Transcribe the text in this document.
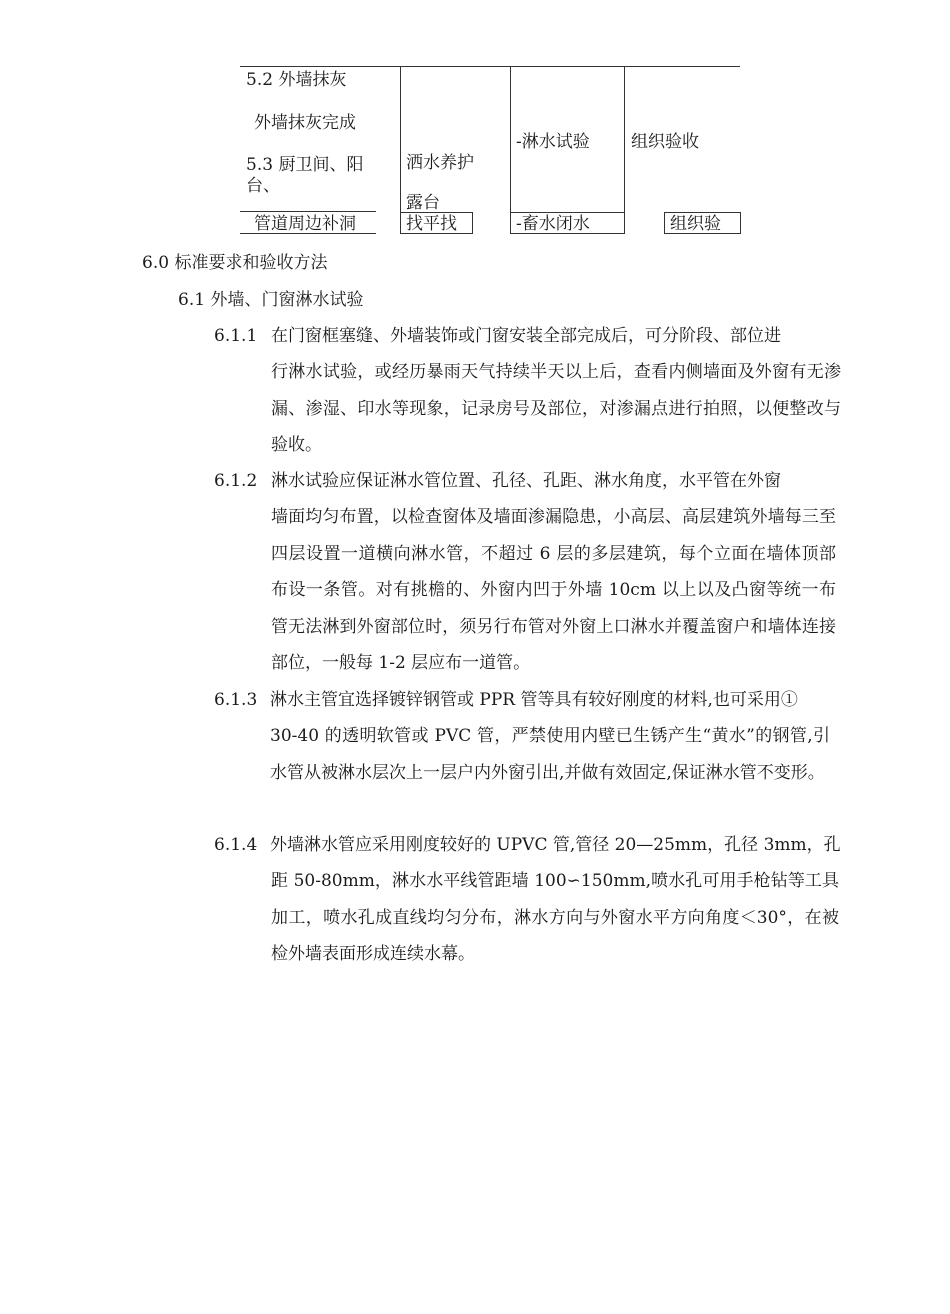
5.2 外墙抹灰
外墙抹灰完成
5.3 厨卫间、阳
台、
管道周边补洞
洒水养护
露台
找平找
-淋水试验
-畜水闭水
组织验收
组织验
6.0 标准要求和验收方法
6.1 外墙、门窗淋水试验
6.1.1 在门窗框塞缝、外墙装饰或门窗安装全部完成后，可分阶段、部位进
行淋水试验，或经历暴雨天气持续半天以上后，查看内侧墙面及外窗有无渗漏、渗湿、印水等现象，记录房号及部位，对渗漏点进行拍照，以便整改与验收。
6.1.2 淋水试验应保证淋水管位置、孔径、孔距、淋水角度，水平管在外窗
墙面均匀布置，以检查窗体及墙面渗漏隐患，小高层、高层建筑外墙每三至四层设置一道横向淋水管，不超过 6 层的多层建筑，每个立面在墙体顶部布设一条管。对有挑檐的、外窗内凹于外墙 10cm 以上以及凸窗等统一布管无法淋到外窗部位时，须另行布管对外窗上口淋水并覆盖窗户和墙体连接部位，一般每 1-2 层应布一道管。
6.1.3 淋水主管宜选择镀锌钢管或 PPR 管等具有较好刚度的材料,也可采用①
30-40 的透明软管或 PVC 管，严禁使用内壁已生锈产生“黄水”的钢管,引水管从被淋水层次上一层户内外窗引出,并做有效固定,保证淋水管不变形。
6.1.4 外墙淋水管应采用刚度较好的 UPVC 管,管径 20—25mm，孔径 3mm，孔
距 50-80mm，淋水水平线管距墙 100∽150mm,喷水孔可用手枪钻等工具加工，喷水孔成直线均匀分布，淋水方向与外窗水平方向角度＜30°，在被检外墙表面形成连续水幕。
